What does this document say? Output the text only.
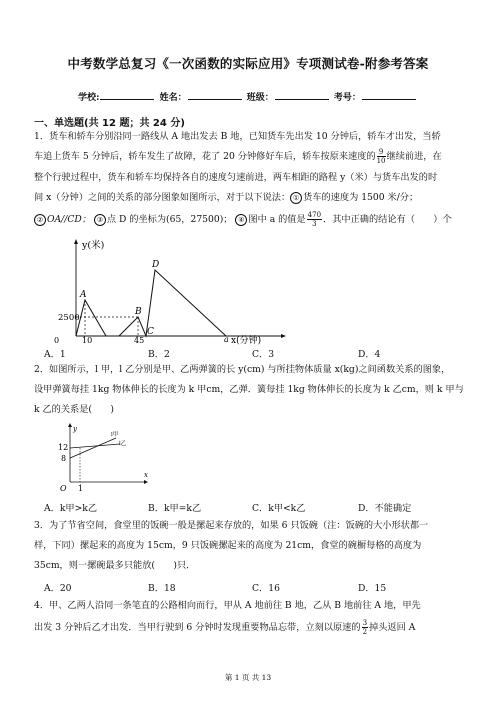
中考数学总复习《一次函数的实际应用》专项测试卷-附参考答案
学校:	姓名：	班级：	考号：
一、单选题(共 12 题；共 24 分)
1．货车和轿车分别沿同一路线从 A 地出发去 B 地，已知货车先出发 10 分钟后，轿车才出发，当轿
车追上货车 5 分钟后，轿车发生了故障，花了 20 分钟修好车后，轿车按原来速度的 $\frac{9}{10}$ 继续前进，在
整个行驶过程中，货车和轿车均保持各自的速度匀速前进，两车相距的路程 y（米）与货车出发的时
间 x（分钟）之间的关系的部分图象如图所示，对于以下说法： ① 货车的速度为 1500 米/分；
② OA//CD； ③ 点 D 的坐标为(65，27500)； ④ 图中 a 的值是 $\frac{470}{3}$ ．其中正确的结论有（　　）个
y(米)
x(分钟)
2500
0	10	45	a
A
B
C
D
A．1	B．2	C．3	D．4
2．如图所示，l 甲，l 乙分别是甲、乙两弹簧的长 y(cm) 与所挂物体质量 x(kg)之间函数关系的图象，
设甲弹簧每挂 1kg 物体伸长的长度为 k 甲cm，乙弹．簧每挂 1kg 物体伸长的长度为 k 乙cm，则 k 甲与
k 乙的关系是(　　)
y
x
l甲
l乙
12
8
O 1
A．k甲>k乙	B．k甲=k乙	C．k甲<k乙	D．不能确定
3．为了节省空间，食堂里的饭碗一般是摞起来存放的，如果 6 只饭碗（注：饭碗的大小形状都一
样，下同）摞起来的高度为 15cm，9 只饭碗摞起来的高度为 21cm，食堂的碗橱每格的高度为
35cm，则一摞碗最多只能放(　　)只．
A．20	B．18	C．16	D．15
4．甲、乙两人沿同一条笔直的公路相向而行，甲从 A 地前往 B 地，乙从 B 地前往 A 地，甲先
出发 3 分钟后乙才出发．当甲行驶到 6 分钟时发现重要物品忘带，立刻以原速的 $\frac{3}{2}$ 掉头返回 A
第 1 页 共 13
